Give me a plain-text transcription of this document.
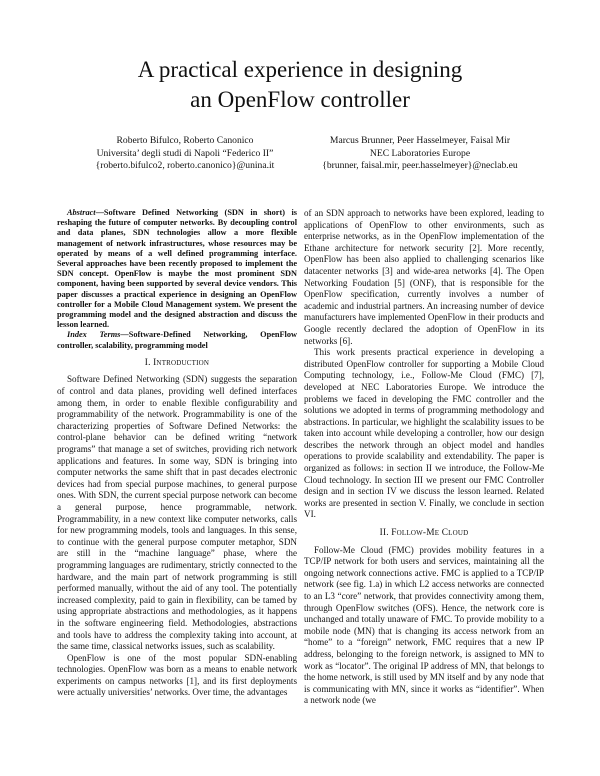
A practical experience in designing
an OpenFlow controller
Roberto Bifulco, Roberto Canonico
Universita’ degli studi di Napoli “Federico II”
{roberto.bifulco2, roberto.canonico}@unina.it
Marcus Brunner, Peer Hasselmeyer, Faisal Mir
NEC Laboratories Europe
{brunner, faisal.mir, peer.hasselmeyer}@neclab.eu

Abstract—Software Defined Networking (SDN in short) is reshaping the future of computer networks. By decoupling control and data planes, SDN technologies allow a more flexible management of network infrastructures, whose resources may be operated by means of a well defined programming interface. Several approaches have been recently proposed to implement the SDN concept. OpenFlow is maybe the most prominent SDN component, having been supported by several device vendors. This paper discusses a practical experience in designing an OpenFlow controller for a Mobile Cloud Management system. We present the programming model and the designed abstraction and discuss the lesson learned.

Index Terms—Software-Defined Networking, OpenFlow controller, scalability, programming model

I. Introduction

Software Defined Networking (SDN) suggests the separation of control and data planes, providing well defined interfaces among them, in order to enable flexible configurability and programmability of the network. Programmability is one of the characterizing properties of Software Defined Networks: the control-plane behavior can be defined writing “network programs” that manage a set of switches, providing rich network applications and features. In some way, SDN is bringing into computer networks the same shift that in past decades electronic devices had from special purpose machines, to general purpose ones. With SDN, the current special purpose network can become a general purpose, hence programmable, network. Programmability, in a new context like computer networks, calls for new programming models, tools and languages. In this sense, to continue with the general purpose computer metaphor, SDN are still in the “machine language” phase, where the programming languages are rudimentary, strictly connected to the hardware, and the main part of network programming is still performed manually, without the aid of any tool. The potentially increased complexity, paid to gain in flexibility, can be tamed by using appropriate abstractions and methodologies, as it happens in the software engineering field. Methodologies, abstractions and tools have to address the complexity taking into account, at the same time, classical networks issues, such as scalability.

OpenFlow is one of the most popular SDN-enabling technologies. OpenFlow was born as a means to enable network experiments on campus networks [1], and its first deployments were actually universities’ networks. Over time, the advantages

of an SDN approach to networks have been explored, leading to applications of OpenFlow to other environments, such as enterprise networks, as in the OpenFlow implementation of the Ethane architecture for network security [2]. More recently, OpenFlow has been also applied to challenging scenarios like datacenter networks [3] and wide-area networks [4]. The Open Networking Foudation [5] (ONF), that is responsible for the OpenFlow specification, currently involves a number of academic and industrial partners. An increasing number of device manufacturers have implemented OpenFlow in their products and Google recently declared the adoption of OpenFlow in its networks [6].

This work presents practical experience in developing a distributed OpenFlow controller for supporting a Mobile Cloud Computing technology, i.e., Follow-Me Cloud (FMC) [7], developed at NEC Laboratories Europe. We introduce the problems we faced in developing the FMC controller and the solutions we adopted in terms of programming methodology and abstractions. In particular, we highlight the scalability issues to be taken into account while developing a controller, how our design describes the network through an object model and handles operations to provide scalability and extendability. The paper is organized as follows: in section II we introduce, the Follow-Me Cloud technology. In section III we present our FMC Controller design and in section IV we discuss the lesson learned. Related works are presented in section V. Finally, we conclude in section VI.

II. Follow-Me Cloud

Follow-Me Cloud (FMC) provides mobility features in a TCP/IP network for both users and services, maintaining all the ongoing network connections active. FMC is applied to a TCP/IP network (see fig. 1.a) in which L2 access networks are connected to an L3 “core” network, that provides connectivity among them, through OpenFlow switches (OFS). Hence, the network core is unchanged and totally unaware of FMC. To provide mobility to a mobile node (MN) that is changing its access network from an “home” to a “foreign” network, FMC requires that a new IP address, belonging to the foreign network, is assigned to MN to work as “locator”. The original IP address of MN, that belongs to the home network, is still used by MN itself and by any node that is communicating with MN, since it works as “identifier”. When a network node (we
